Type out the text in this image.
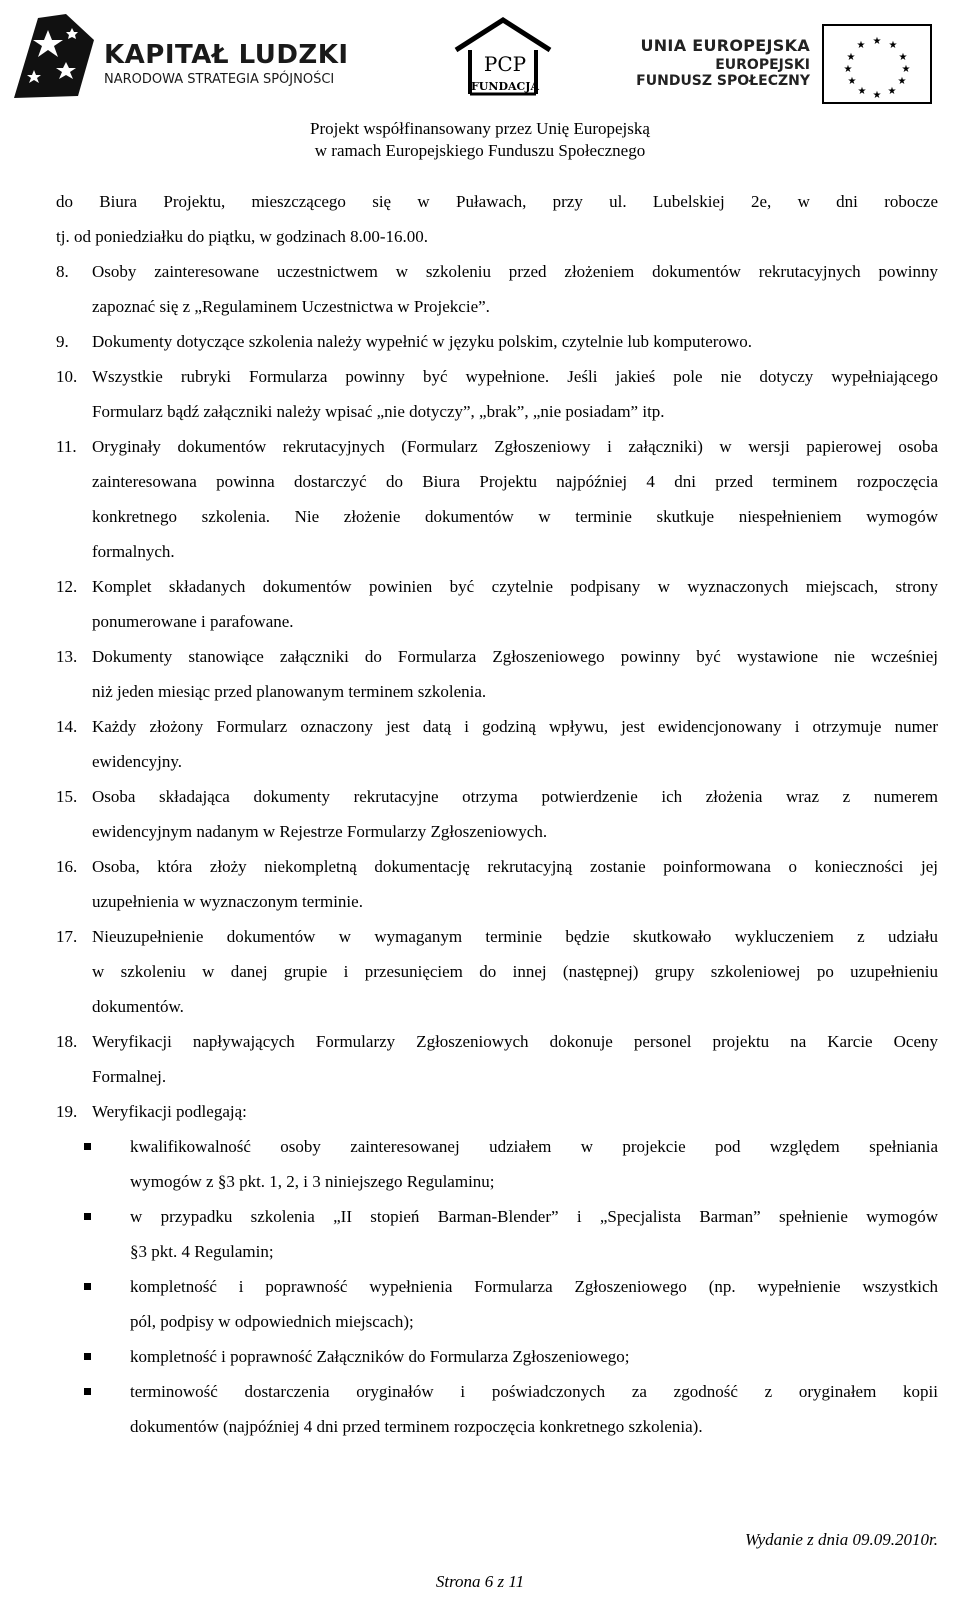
KAPITAŁ LUDZKI
NARODOWA STRATEGIA SPÓJNOŚCI
PCP
FUNDACJA
UNIA EUROPEJSKA
EUROPEJSKI
FUNDUSZ SPOŁECZNY
★ ★
★
★
★
★
★
★
★
★
★
★
Projekt współfinansowany przez Unię Europejską
w ramach Europejskiego Funduszu Społecznego
do Biura Projektu, mieszczącego się w Puławach, przy ul. Lubelskiej 2e, w dni robocze
tj. od poniedziałku do piątku, w godzinach 8.00-16.00.
8.	Osoby zainteresowane uczestnictwem w szkoleniu przed złożeniem dokumentów rekrutacyjnych powinny
zapoznać się z „Regulaminem Uczestnictwa w Projekcie”.
9.	Dokumenty dotyczące szkolenia należy wypełnić w języku polskim, czytelnie lub komputerowo.
10. Wszystkie rubryki Formularza powinny być wypełnione. Jeśli jakieś pole nie dotyczy wypełniającego
Formularz bądź załączniki należy wpisać „nie dotyczy”, „brak”, „nie posiadam” itp.
11. Oryginały dokumentów rekrutacyjnych (Formularz Zgłoszeniowy i załączniki) w wersji papierowej osoba
zainteresowana powinna dostarczyć do Biura Projektu najpóźniej 4 dni przed terminem rozpoczęcia
konkretnego szkolenia. Nie złożenie dokumentów w terminie skutkuje niespełnieniem wymogów
formalnych.
12. Komplet składanych dokumentów powinien być czytelnie podpisany w wyznaczonych miejscach, strony
ponumerowane i parafowane.
13. Dokumenty stanowiące załączniki do Formularza Zgłoszeniowego powinny być wystawione nie wcześniej
niż jeden miesiąc przed planowanym terminem szkolenia.
14. Każdy złożony Formularz oznaczony jest datą i godziną wpływu, jest ewidencjonowany i otrzymuje numer
ewidencyjny.
15. Osoba składająca dokumenty rekrutacyjne otrzyma potwierdzenie ich złożenia wraz z numerem
ewidencyjnym nadanym w Rejestrze Formularzy Zgłoszeniowych.
16. Osoba, która złoży niekompletną dokumentację rekrutacyjną zostanie poinformowana o konieczności jej
uzupełnienia w wyznaczonym terminie.
17. Nieuzupełnienie dokumentów w wymaganym terminie będzie skutkowało wykluczeniem z udziału
w szkoleniu w danej grupie i przesunięciem do innej (następnej) grupy szkoleniowej po uzupełnieniu
dokumentów.
18. Weryfikacji napływających Formularzy Zgłoszeniowych dokonuje personel projektu na Karcie Oceny
Formalnej.
19. Weryfikacji podlegają:
kwalifikowalność osoby zainteresowanej udziałem w projekcie pod względem spełniania
wymogów z §3 pkt. 1, 2, i 3 niniejszego Regulaminu;
w przypadku szkolenia „II stopień Barman-Blender” i „Specjalista Barman” spełnienie wymogów
§3 pkt. 4 Regulamin;
kompletność i poprawność wypełnienia Formularza Zgłoszeniowego (np. wypełnienie wszystkich
pól, podpisy w odpowiednich miejscach);
kompletność i poprawność Załączników do Formularza Zgłoszeniowego;
terminowość dostarczenia oryginałów i poświadczonych za zgodność z oryginałem kopii
dokumentów (najpóźniej 4 dni przed terminem rozpoczęcia konkretnego szkolenia).
Wydanie z dnia 09.09.2010r.
Strona 6 z 11
